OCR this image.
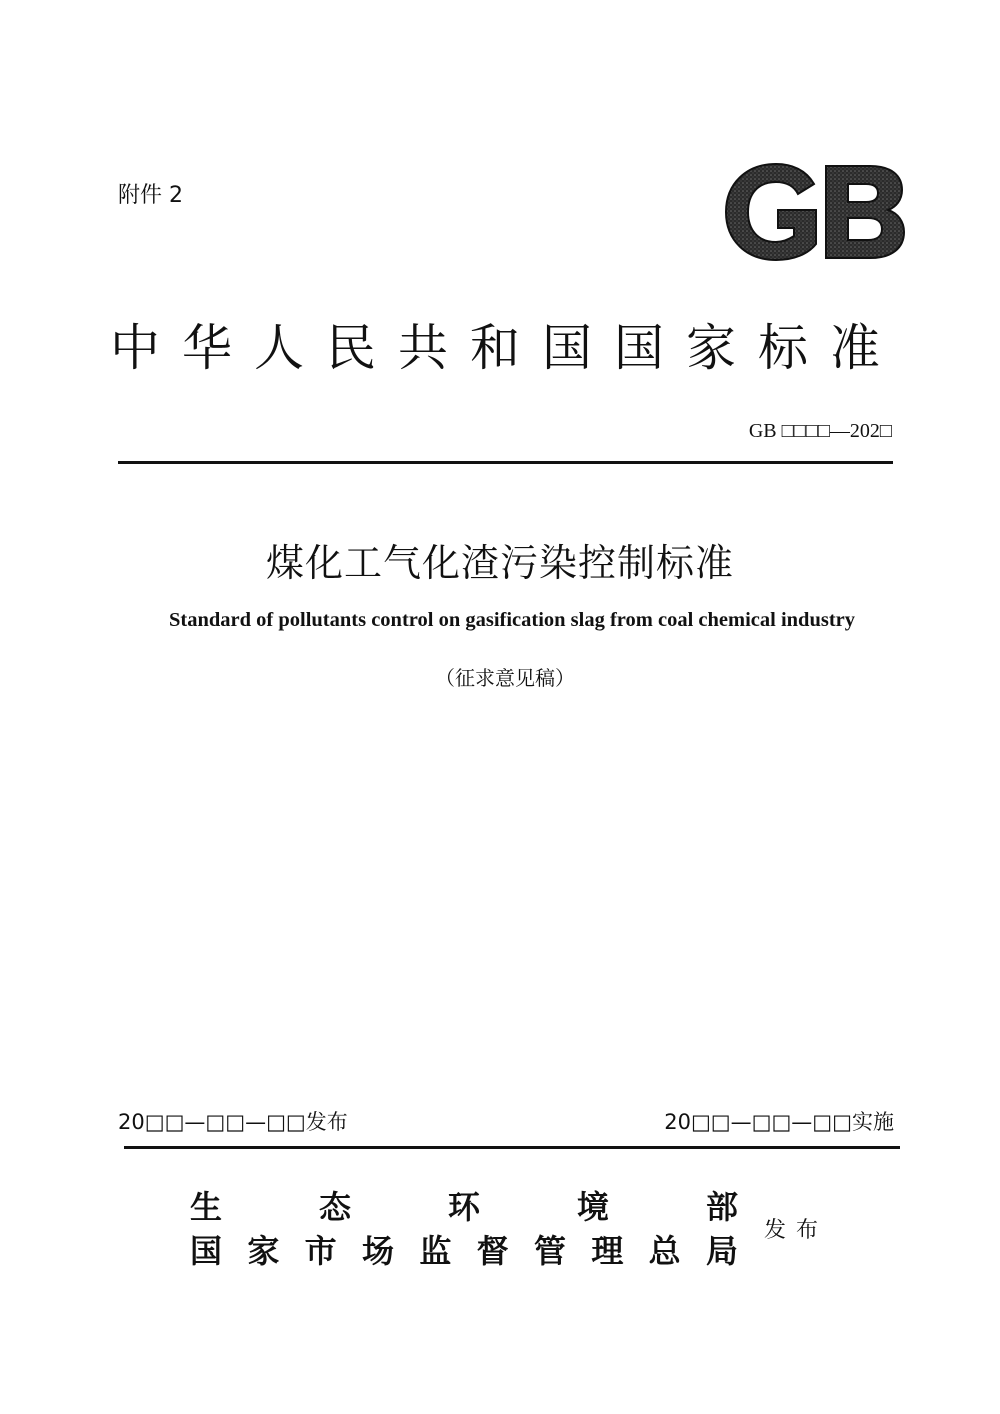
附件 2
中华人民共和国国家标准
GB □□□□—202□
煤化工气化渣污染控制标准
Standard of pollutants control on gasification slag from coal chemical industry
（征求意见稿）
20□□—□□—□□发布	20□□—□□—□□实施
生 态 环 境 部
国 家 市 场 监 督 管 理 总 局
发布
